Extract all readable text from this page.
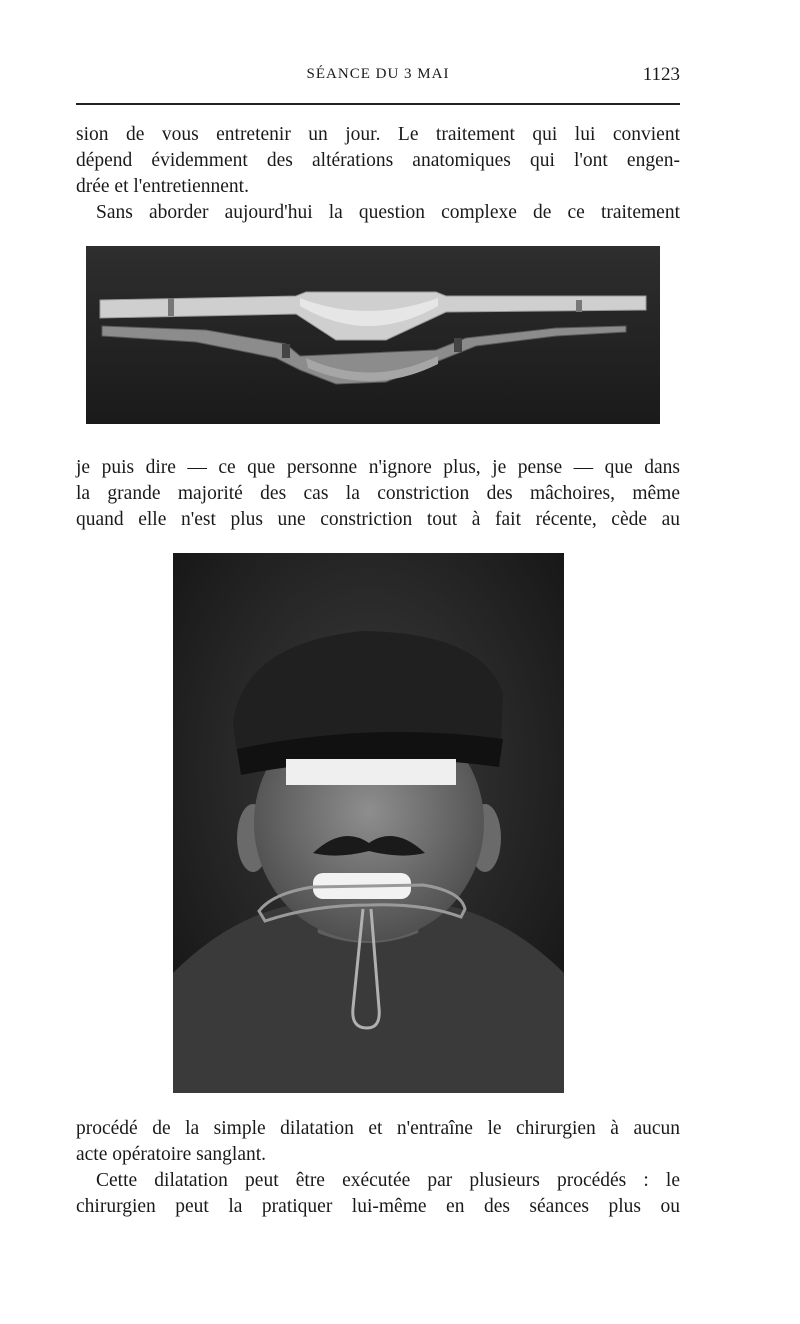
SÉANCE DU 3 MAI	1123
sion de vous entretenir un jour. Le traitement qui lui convient
dépend évidemment des altérations anatomiques qui l'ont engen-
drée et l'entretiennent.
Sans aborder aujourd'hui la question complexe de ce traitement
je puis dire — ce que personne n'ignore plus, je pense — que dans
la grande majorité des cas la constriction des mâchoires, même
quand elle n'est plus une constriction tout à fait récente, cède au
procédé de la simple dilatation et n'entraîne le chirurgien à aucun
acte opératoire sanglant.
Cette dilatation peut être exécutée par plusieurs procédés : le
chirurgien peut la pratiquer lui-même en des séances plus ou
